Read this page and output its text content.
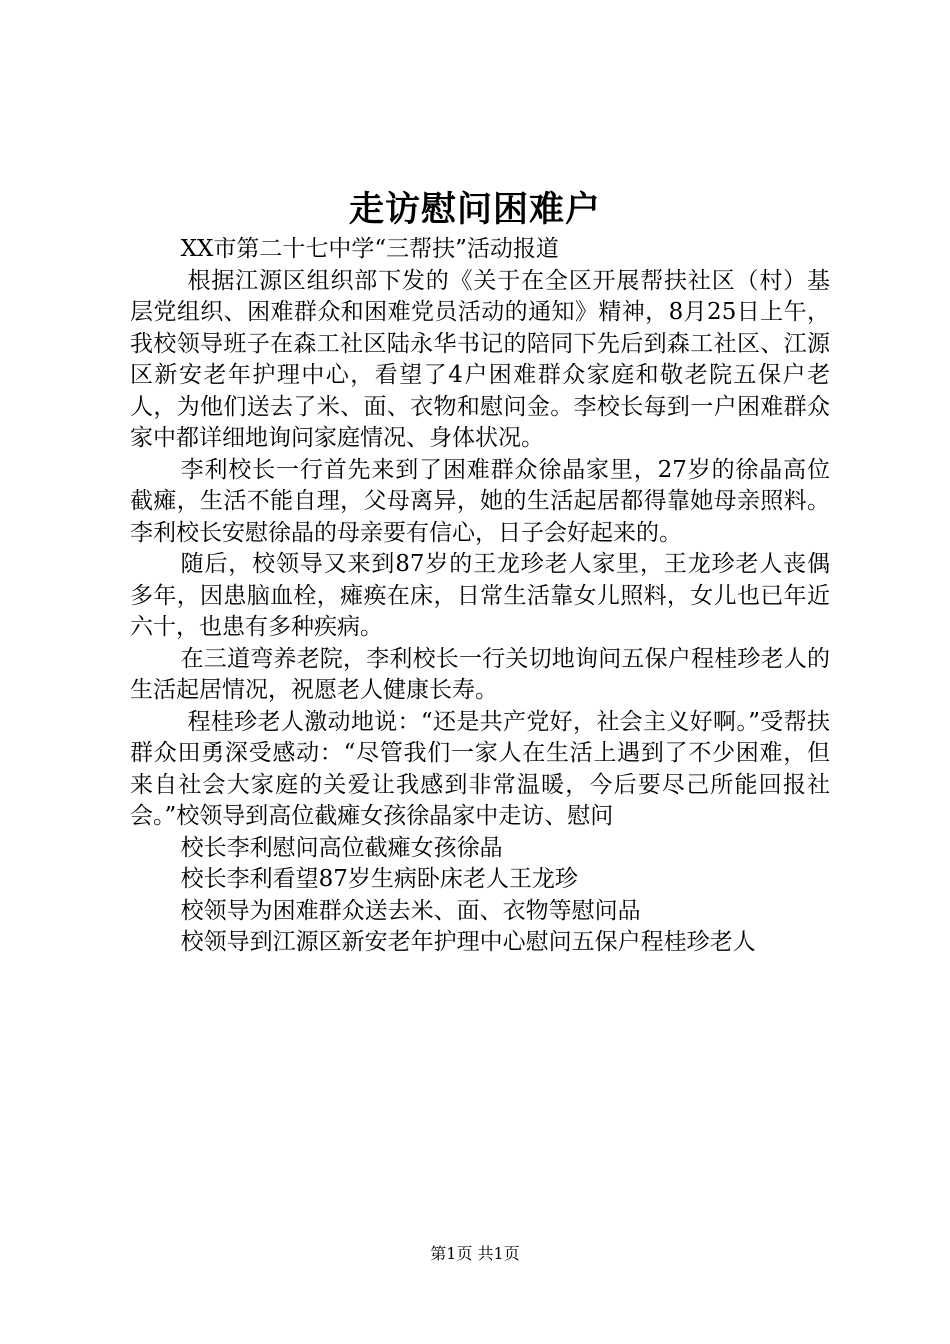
走访慰问困难户

XX市第二十七中学“三帮扶”活动报道

根据江源区组织部下发的《关于在全区开展帮扶社区（村）基层党组织、困难群众和困难党员活动的通知》精神，8月25日上午，我校领导班子在森工社区陆永华书记的陪同下先后到森工社区、江源区新安老年护理中心，看望了4户困难群众家庭和敬老院五保户老人，为他们送去了米、面、衣物和慰问金。李校长每到一户困难群众家中都详细地询问家庭情况、身体状况。

李利校长一行首先来到了困难群众徐晶家里，27岁的徐晶高位截瘫，生活不能自理，父母离异，她的生活起居都得靠她母亲照料。李利校长安慰徐晶的母亲要有信心，日子会好起来的。

随后，校领导又来到87岁的王龙珍老人家里，王龙珍老人丧偶多年，因患脑血栓，瘫痪在床，日常生活靠女儿照料，女儿也已年近六十，也患有多种疾病。

在三道弯养老院，李利校长一行关切地询问五保户程桂珍老人的生活起居情况，祝愿老人健康长寿。

程桂珍老人激动地说：“还是共产党好，社会主义好啊。”受帮扶群众田勇深受感动：“尽管我们一家人在生活上遇到了不少困难，但来自社会大家庭的关爱让我感到非常温暖，今后要尽己所能回报社会。”校领导到高位截瘫女孩徐晶家中走访、慰问

校长李利慰问高位截瘫女孩徐晶

校长李利看望87岁生病卧床老人王龙珍

校领导为困难群众送去米、面、衣物等慰问品

校领导到江源区新安老年护理中心慰问五保户程桂珍老人

第1页 共1页
